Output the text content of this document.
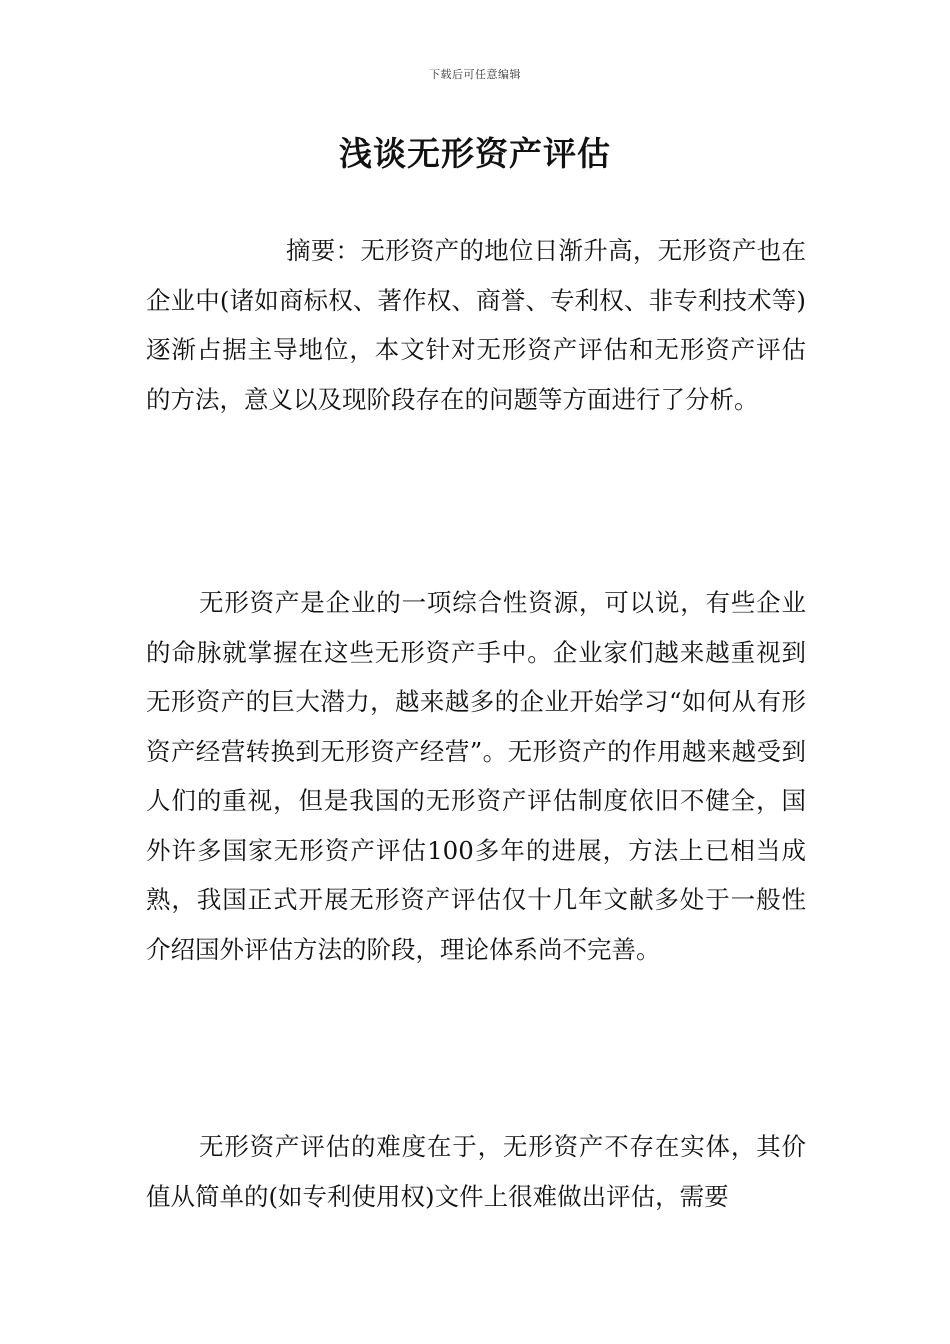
下载后可任意编辑
浅谈无形资产评估

摘要：无形资产的地位日渐升高，无形资产也在企业中(诸如商标权、著作权、商誉、专利权、非专利技术等)逐渐占据主导地位，本文针对无形资产评估和无形资产评估的方法，意义以及现阶段存在的问题等方面进行了分析。

无形资产是企业的一项综合性资源，可以说，有些企业的命脉就掌握在这些无形资产手中。企业家们越来越重视到无形资产的巨大潜力，越来越多的企业开始学习“如何从有形资产经营转换到无形资产经营”。无形资产的作用越来越受到人们的重视，但是我国的无形资产评估制度依旧不健全，国外许多国家无形资产评估100多年的进展，方法上已相当成熟，我国正式开展无形资产评估仅十几年文献多处于一般性介绍国外评估方法的阶段，理论体系尚不完善。

无形资产评估的难度在于，无形资产不存在实体，其价值从简单的(如专利使用权)文件上很难做出评估，需要
